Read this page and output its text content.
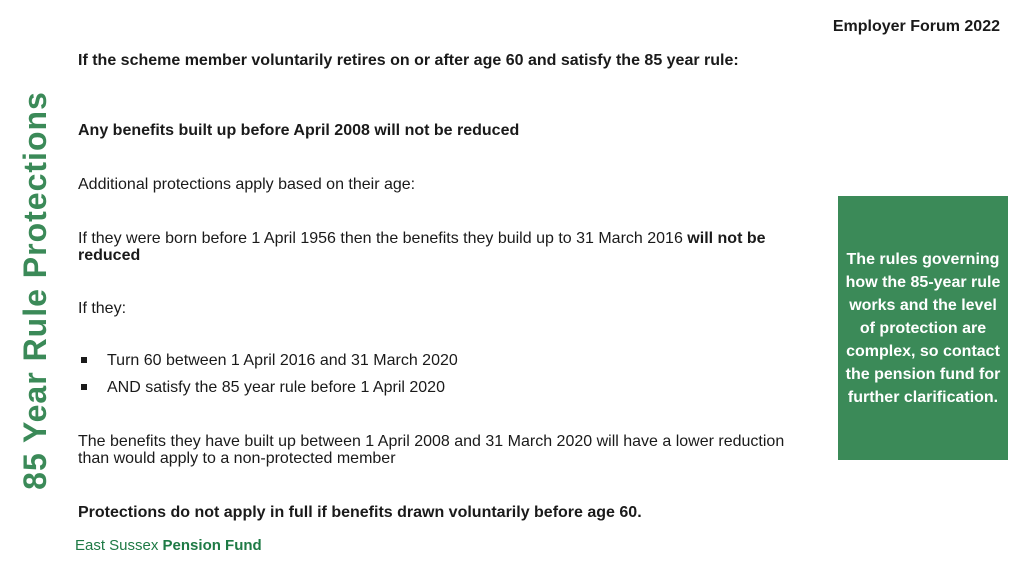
Employer Forum 2022
85 Year Rule Protections

If the scheme member voluntarily retires on or after age 60 and satisfy the 85 year rule:

Any benefits built up before April 2008 will not be reduced

Additional protections apply based on their age:

If they were born before 1 April 1956 then the benefits they build up to 31 March 2016 will not be reduced

If they:

Turn 60 between 1 April 2016 and 31 March 2020
AND satisfy the 85 year rule before 1 April 2020

The benefits they have built up between 1 April 2008 and 31 March 2020 will have a lower reduction than would apply to a non-protected member

Protections do not apply in full if benefits drawn voluntarily before age 60.

The rules governing how the 85-year rule works and the level of protection are complex, so contact the pension fund for further clarification.
East Sussex Pension Fund
